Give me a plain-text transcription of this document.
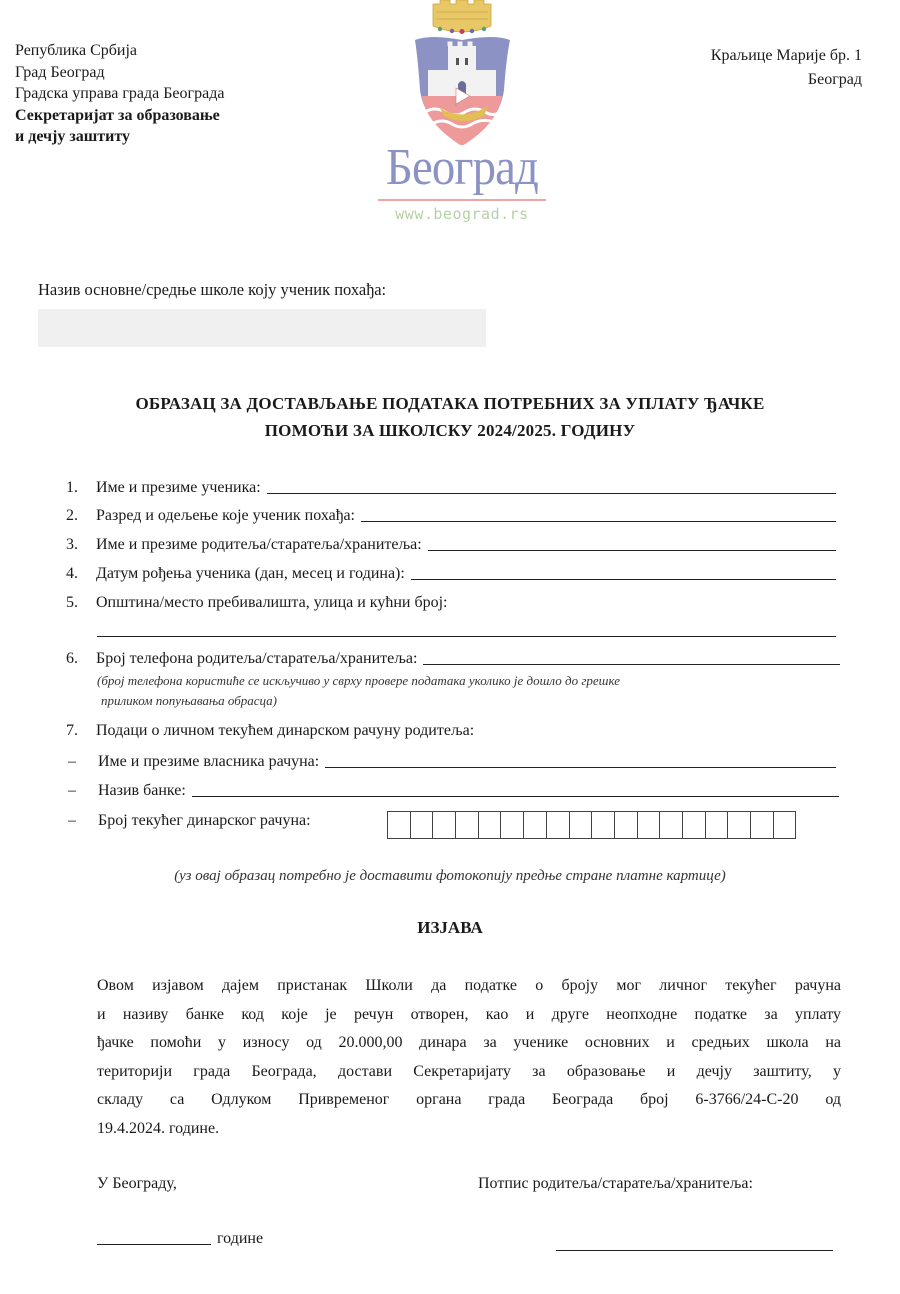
Република Србија
Град Београд
Градска управа града Београда
Секретаријат за образовање
и дечју заштиту
Краљице Марије бр. 1
Београд
Београд
www.beograd.rs
Назив основне/средње школе коју ученик похађа:
ОБРАЗАЦ ЗА ДОСТАВЉАЊЕ ПОДАТАКА ПОТРЕБНИХ ЗА УПЛАТУ ЂАЧКЕ
ПОМОЋИ ЗА ШКОЛСКУ 2024/2025. ГОДИНУ
1.	Име и презиме ученика:
2.	Разред и одељење које ученик похађа:
3.	Име и презиме родитеља/старатеља/хранитеља:
4.	Датум рођења ученика (дан, месец и година):
5.	Општина/место пребивалишта, улица и кућни број:
6.	Број телефона родитеља/старатеља/хранитеља:
(број телефона користиће се искључиво у сврху провере података уколико је дошло до грешке
приликом попуњавања обрасца)
7.	Подаци о личном текућем динарском рачуну родитеља:
–	Име и презиме власника рачуна:
–	Назив банке:
–	Број текућег динарског рачуна:
(уз овај образац потребно је доставити фотокопију предње стране платне картице)
ИЗЈАВА
Овом изјавом дајем пристанак Школи да податке о броју мог личног текућег рачуна
и називу банке код које је речун отворен, као и друге неопходне податке за уплату
ђачке помоћи у износу од 20.000,00 динара за ученике основних и средњих школа на
територији града Београда, достави Секретаријату за образовање и дечју заштиту, у
складу са Одлуком Привременог органа града Београда број 6-3766/24-С-20 од
19.4.2024. године.
У Београду,	Потпис родитеља/старатеља/хранитеља:
године
